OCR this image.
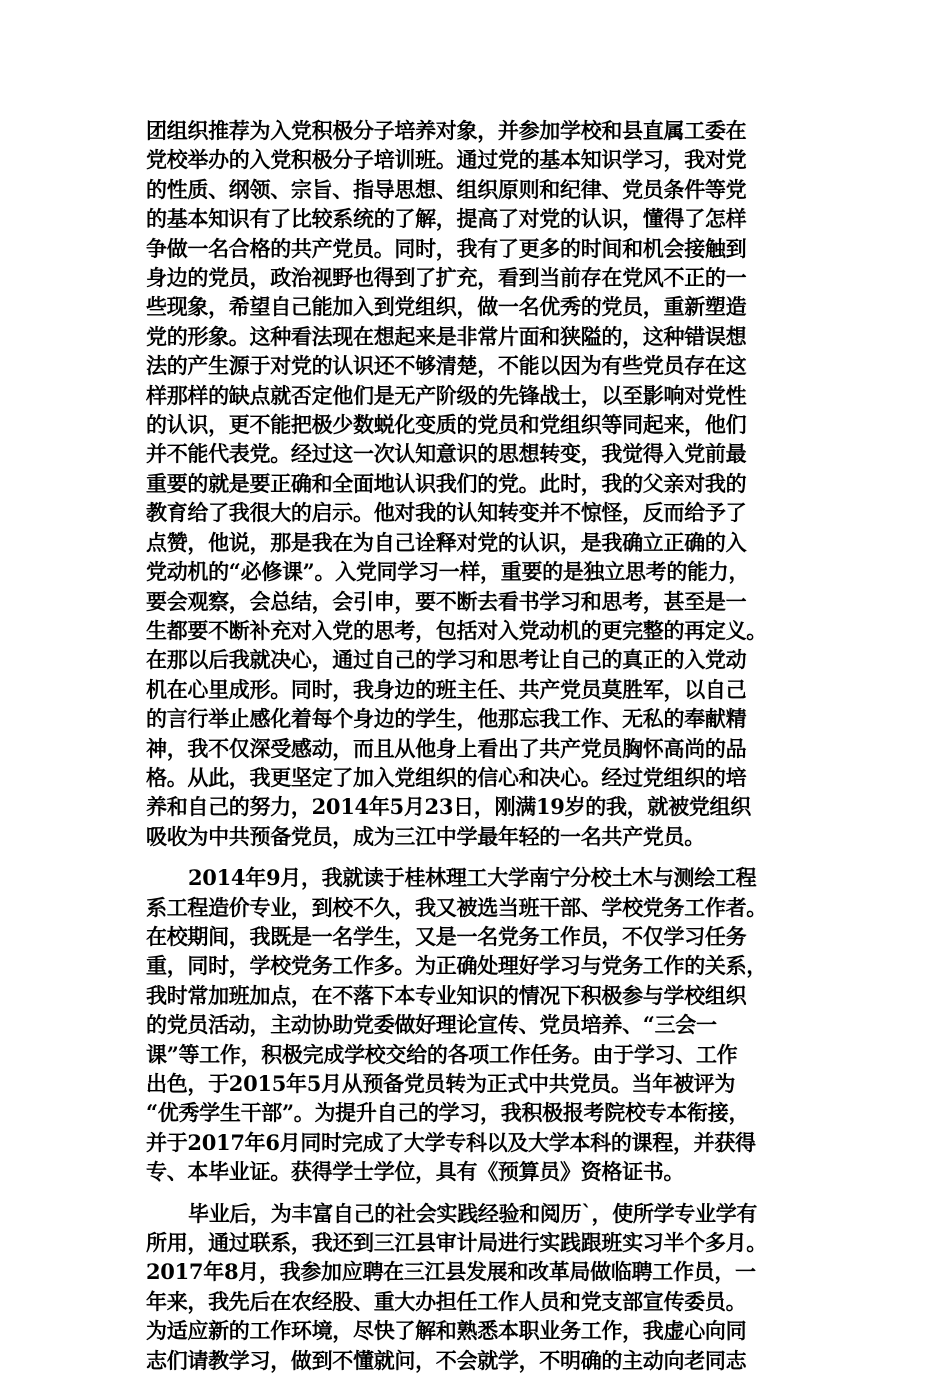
团组织推荐为入党积极分子培养对象，并参加学校和县直属工委在
党校举办的入党积极分子培训班。通过党的基本知识学习，我对党
的性质、纲领、宗旨、指导思想、组织原则和纪律、党员条件等党
的基本知识有了比较系统的了解，提高了对党的认识，懂得了怎样
争做一名合格的共产党员。同时，我有了更多的时间和机会接触到
身边的党员，政治视野也得到了扩充，看到当前存在党风不正的一
些现象，希望自己能加入到党组织，做一名优秀的党员，重新塑造
党的形象。这种看法现在想起来是非常片面和狭隘的，这种错误想
法的产生源于对党的认识还不够清楚，不能以因为有些党员存在这
样那样的缺点就否定他们是无产阶级的先锋战士，以至影响对党性
的认识，更不能把极少数蜕化变质的党员和党组织等同起来，他们
并不能代表党。经过这一次认知意识的思想转变，我觉得入党前最
重要的就是要正确和全面地认识我们的党。此时，我的父亲对我的
教育给了我很大的启示。他对我的认知转变并不惊怪，反而给予了
点赞，他说，那是我在为自己诠释对党的认识，是我确立正确的入
党动机的“必修课”。入党同学习一样，重要的是独立思考的能力，
要会观察，会总结，会引申，要不断去看书学习和思考，甚至是一
生都要不断补充对入党的思考，包括对入党动机的更完整的再定义。
在那以后我就决心，通过自己的学习和思考让自己的真正的入党动
机在心里成形。同时，我身边的班主任、共产党员莫胜军，以自己
的言行举止感化着每个身边的学生，他那忘我工作、无私的奉献精
神，我不仅深受感动，而且从他身上看出了共产党员胸怀高尚的品
格。从此，我更坚定了加入党组织的信心和决心。经过党组织的培
养和自己的努力，2014年5月23日，刚满19岁的我，就被党组织
吸收为中共预备党员，成为三江中学最年轻的一名共产党员。
2014年9月，我就读于桂林理工大学南宁分校土木与测绘工程
系工程造价专业，到校不久，我又被选当班干部、学校党务工作者。
在校期间，我既是一名学生，又是一名党务工作员，不仅学习任务
重，同时，学校党务工作多。为正确处理好学习与党务工作的关系，
我时常加班加点，在不落下本专业知识的情况下积极参与学校组织
的党员活动，主动协助党委做好理论宣传、党员培养、“三会一
课”等工作，积极完成学校交给的各项工作任务。由于学习、工作
出色，于2015年5月从预备党员转为正式中共党员。当年被评为
“优秀学生干部”。为提升自己的学习，我积极报考院校专本衔接，
并于2017年6月同时完成了大学专科以及大学本科的课程，并获得
专、本毕业证。获得学士学位，具有《预算员》资格证书。
毕业后，为丰富自己的社会实践经验和阅历`，使所学专业学有
所用，通过联系，我还到三江县审计局进行实践跟班实习半个多月。
2017年8月，我参加应聘在三江县发展和改革局做临聘工作员，一
年来，我先后在农经股、重大办担任工作人员和党支部宣传委员。
为适应新的工作环境，尽快了解和熟悉本职业务工作，我虚心向同
志们请教学习，做到不懂就问，不会就学，不明确的主动向老同志
